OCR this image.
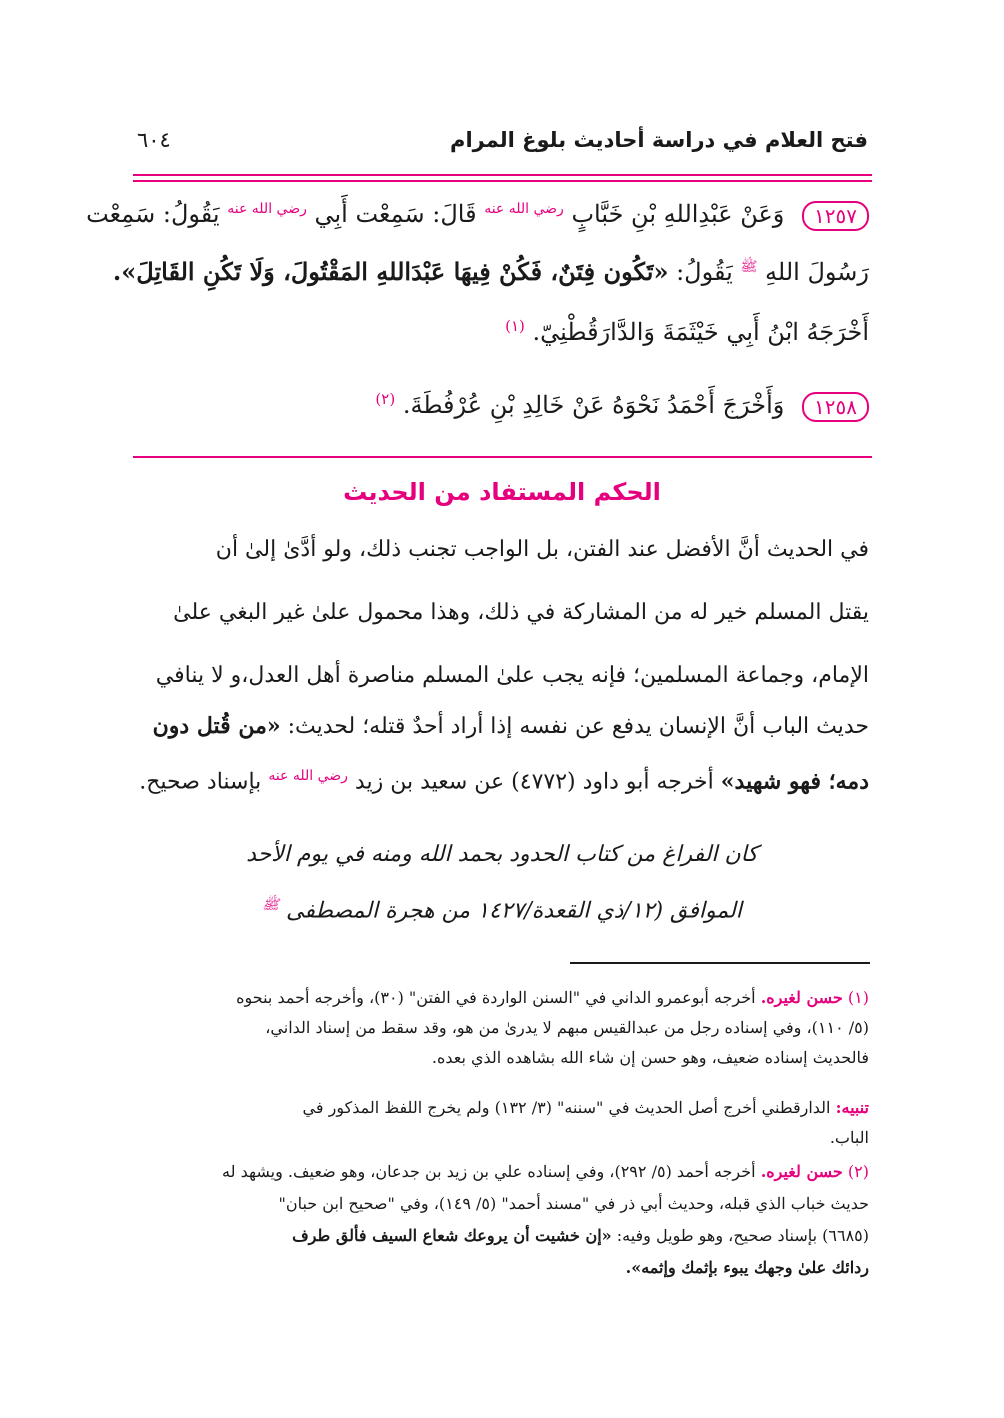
فتح العلام في دراسة أحاديث بلوغ المرام
٦٠٤
١٢٥٧ وَعَنْ عَبْدِاللهِ بْنِ خَبَّابٍ $^{رضي الله عنه}$ قَالَ: سَمِعْت أَبِي $^{رضي الله عنه}$ يَقُولُ: سَمِعْت
رَسُولَ اللهِ $^ﷺ$ يَقُولُ: «تَكُون فِتَنٌ، فَكُنْ فِيهَا عَبْدَاللهِ المَقْتُولَ، وَلَا تَكُنِ القَاتِلَ».
أَخْرَجَهُ ابْنُ أَبِي خَيْثَمَةَ وَالدَّارَقُطْنِيّ. $^{(١)}$
١٢٥٨ وَأَخْرَجَ أَحْمَدُ نَحْوَهُ عَنْ خَالِدِ بْنِ عُرْفُطَةَ. $^{(٢)}$
الحكم المستفاد من الحديث
في الحديث أنَّ الأفضل عند الفتن، بل الواجب تجنب ذلك، ولو أدَّىٰ إلىٰ أن
يقتل المسلم خير له من المشاركة في ذلك، وهذا محمول علىٰ غير البغي علىٰ
الإمام، وجماعة المسلمين؛ فإنه يجب علىٰ المسلم مناصرة أهل العدل،و لا ينافي
حديث الباب أنَّ الإنسان يدفع عن نفسه إذا أراد أحدٌ قتله؛ لحديث: «من قُتل دون
دمه؛ فهو شهيد» أخرجه أبو داود (٤٧٧٢) عن سعيد بن زيد $^{رضي الله عنه}$ بإسناد صحيح.
كان الفراغ من كتاب الحدود بحمد الله ومنه في يوم الأحد
الموافق (١٢/ذي القعدة/١٤٢٧ من هجرة المصطفى $^ﷺ$
(١) حسن لغيره. أخرجه أبوعمرو الداني في "السنن الواردة في الفتن" (٣٠)، وأخرجه أحمد بنحوه
(٥/ ١١٠)، وفي إسناده رجل من عبدالقيس مبهم لا يدرىٰ من هو، وقد سقط من إسناد الداني،
فالحديث إسناده ضعيف، وهو حسن إن شاء الله بشاهده الذي بعده.
تنبيه: الدارقطني أخرج أصل الحديث في "سننه" (٣/ ١٣٢) ولم يخرج اللفظ المذكور في
الباب.
(٢) حسن لغيره. أخرجه أحمد (٥/ ٢٩٢)، وفي إسناده علي بن زيد بن جدعان، وهو ضعيف. ويشهد له
حديث خباب الذي قبله، وحديث أبي ذر في "مسند أحمد" (٥/ ١٤٩)، وفي "صحيح ابن حبان"
(٦٦٨٥) بإسناد صحيح، وهو طويل وفيه: «إن خشيت أن يروعك شعاع السيف فألق طرف
ردائك علىٰ وجهك يبوء بإثمك وإثمه».
